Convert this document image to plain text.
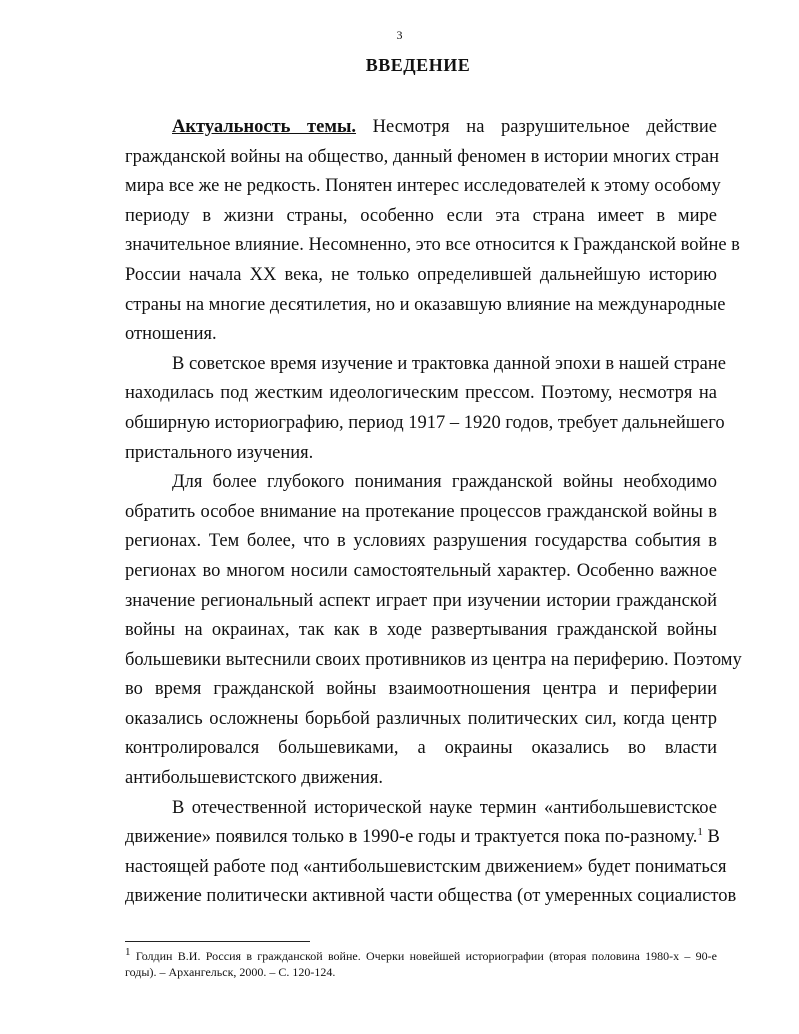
3
ВВЕДЕНИЕ
Актуальность темы. Несмотря на разрушительное действие
гражданской войны на общество, данный феномен в истории многих стран
мира все же не редкость. Понятен интерес исследователей к этому особому
периоду в жизни страны, особенно если эта страна имеет в мире
значительное влияние. Несомненно, это все относится к Гражданской войне в
России начала XX века, не только определившей дальнейшую историю
страны на многие десятилетия, но и оказавшую влияние на международные
отношения.
В советское время изучение и трактовка данной эпохи в нашей стране
находилась под жестким идеологическим прессом. Поэтому, несмотря на
обширную историографию, период 1917 – 1920 годов, требует дальнейшего
пристального изучения.
Для более глубокого понимания гражданской войны необходимо
обратить особое внимание на протекание процессов гражданской войны в
регионах. Тем более, что в условиях разрушения государства события в
регионах во многом носили самостоятельный характер. Особенно важное
значение региональный аспект играет при изучении истории гражданской
войны на окраинах, так как в ходе развертывания гражданской войны
большевики вытеснили своих противников из центра на периферию. Поэтому
во время гражданской войны взаимоотношения центра и периферии
оказались осложнены борьбой различных политических сил, когда центр
контролировался большевиками, а окраины оказались во власти
антибольшевистского движения.
В отечественной исторической науке термин «антибольшевистское
движение» появился только в 1990-е годы и трактуется пока по-разному.$^1$ В
настоящей работе под «антибольшевистским движением» будет пониматься
движение политически активной части общества (от умеренных социалистов
$^1$ Голдин В.И. Россия в гражданской войне. Очерки новейшей историографии (вторая половина 1980-х – 90-е
годы). – Архангельск, 2000. – С. 120-124.
